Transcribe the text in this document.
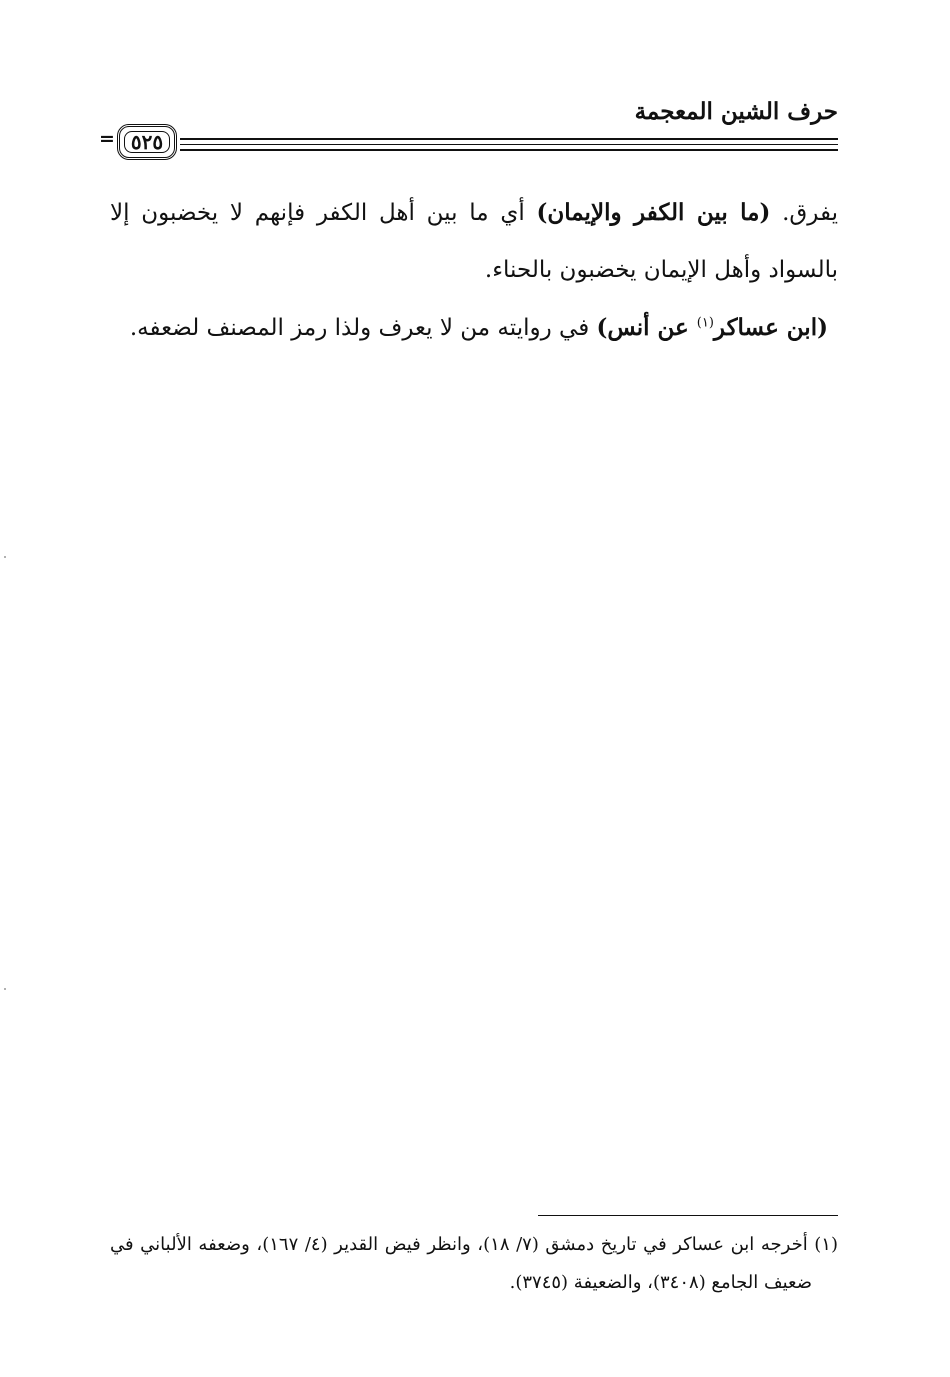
حرف الشين المعجمة
٥٢٥
=
يفرق. (ما بين الكفر والإيمان) أي ما بين أهل الكفر فإنهم لا يخضبون إلا
بالسواد وأهل الإيمان يخضبون بالحناء.
(ابن عساكر$^{(١)}$ عن أنس) في روايته من لا يعرف ولذا رمز المصنف لضعفه.
(١) أخرجه ابن عساكر في تاريخ دمشق (٧/ ١٨)، وانظر فيض القدير (٤/ ١٦٧)، وضعفه الألباني في
ضعيف الجامع (٣٤٠٨)، والضعيفة (٣٧٤٥).
